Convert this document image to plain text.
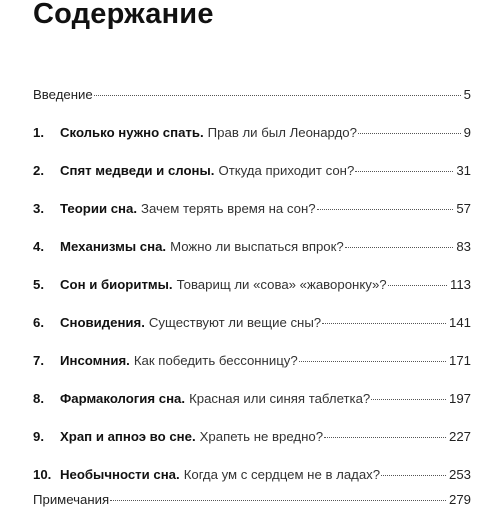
Содержание
Введение	5
1.	Сколько нужно спать. Прав ли был Леонардо?	9
2.	Спят медведи и слоны. Откуда приходит сон?	31
3.	Теории сна. Зачем терять время на сон?	57
4.	Механизмы сна. Можно ли выспаться впрок?	83
5.	Сон и биоритмы. Товарищ ли «сова» «жаворонку»?	113
6.	Сновидения. Существуют ли вещие сны?	141
7.	Инсомния. Как победить бессонницу?	171
8.	Фармакология сна. Красная или синяя таблетка?	197
9.	Храп и апноэ во сне. Храпеть не вредно?	227
10. Необычности сна. Когда ум с сердцем не в ладах?	253
Примечания	279
